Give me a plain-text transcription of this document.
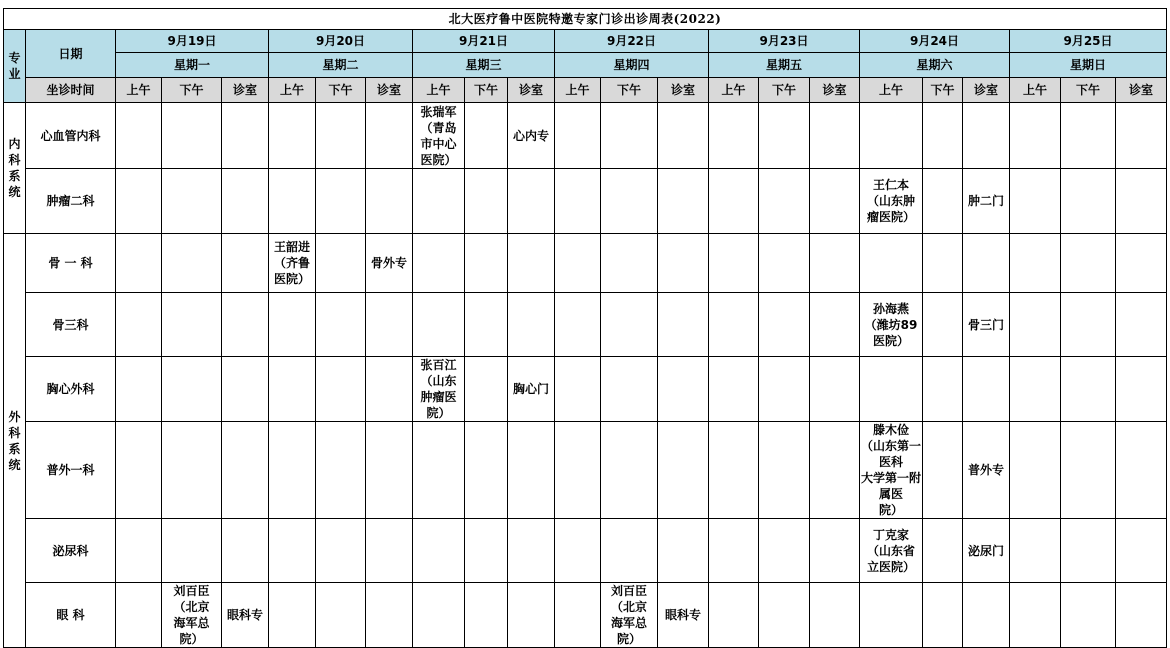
北大医疗鲁中医院特邀专家门诊出诊周表(2022)																						
专业	日期	9月19日			9月20日			9月21日			9月22日			9月23日			9月24日			9月25日		
		星期一			星期二			星期三			星期四			星期五			星期六			星期日		
	坐诊时间	上午	下午	诊室	上午	下午	诊室	上午	下午	诊室	上午	下午	诊室	上午	下午	诊室	上午	下午	诊室	上午	下午	诊室
内科系统	心血管内科							张瑞军
（青岛
市中心
医院）		心内专												
	肿瘤二科																王仁本
（山东肿
瘤医院）		肿二门			
外科系统	骨 一 科				王韶进
（齐鲁
医院）		骨外专															
	骨三科																孙海燕
（潍坊89
医院）		骨三门			
	胸心外科							张百江
（山东
肿瘤医
院）		胸心门												
	普外一科																滕木俭
（山东第一医科
大学第一附属医
院）		普外专			
	泌尿科																丁克家
（山东省
立医院）		泌尿门			
	眼 科		刘百臣
（北京
海军总
院）	眼科专								刘百臣
（北京
海军总
院）	眼科专									
